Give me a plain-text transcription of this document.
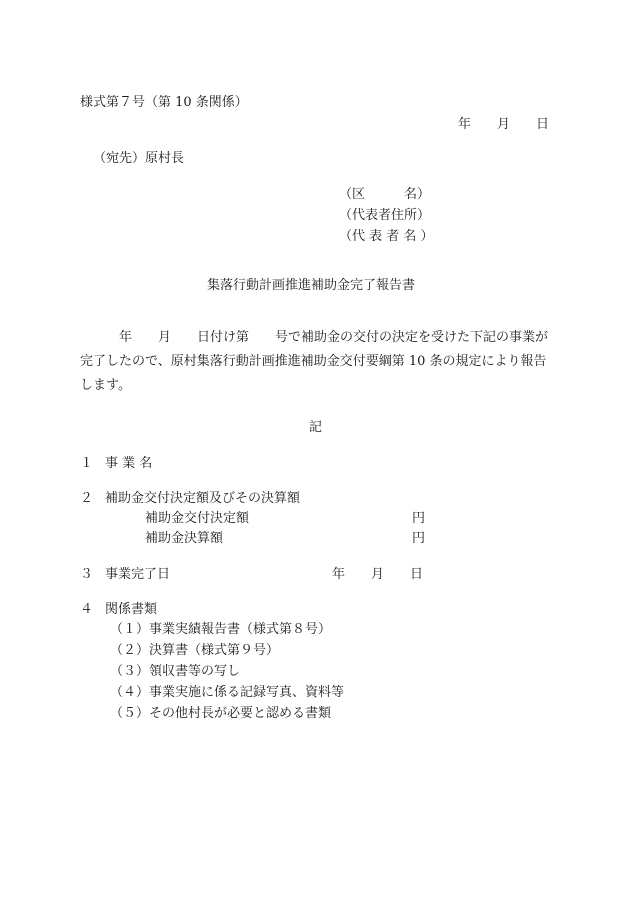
様式第７号（第 10 条関係）
年　　月　　日
（宛先）原村長
（区　　　名）
（代表者住所）
（代 表 者 名 ）
集落行動計画推進補助金完了報告書
　　　年　　月　　日付け第　　号で補助金の交付の決定を受けた下記の事業が完了したので、原村集落行動計画推進補助金交付要綱第 10 条の規定により報告します。
記
１ 事 業 名
２ 補助金交付決定額及びその決算額
補助金交付決定額	円
補助金決算額	円
３ 事業完了日	年　　月　　日
４ 関係書類
（１）事業実績報告書（様式第８号）
（２）決算書（様式第９号）
（３）領収書等の写し
（４）事業実施に係る記録写真、資料等
（５）その他村長が必要と認める書類
